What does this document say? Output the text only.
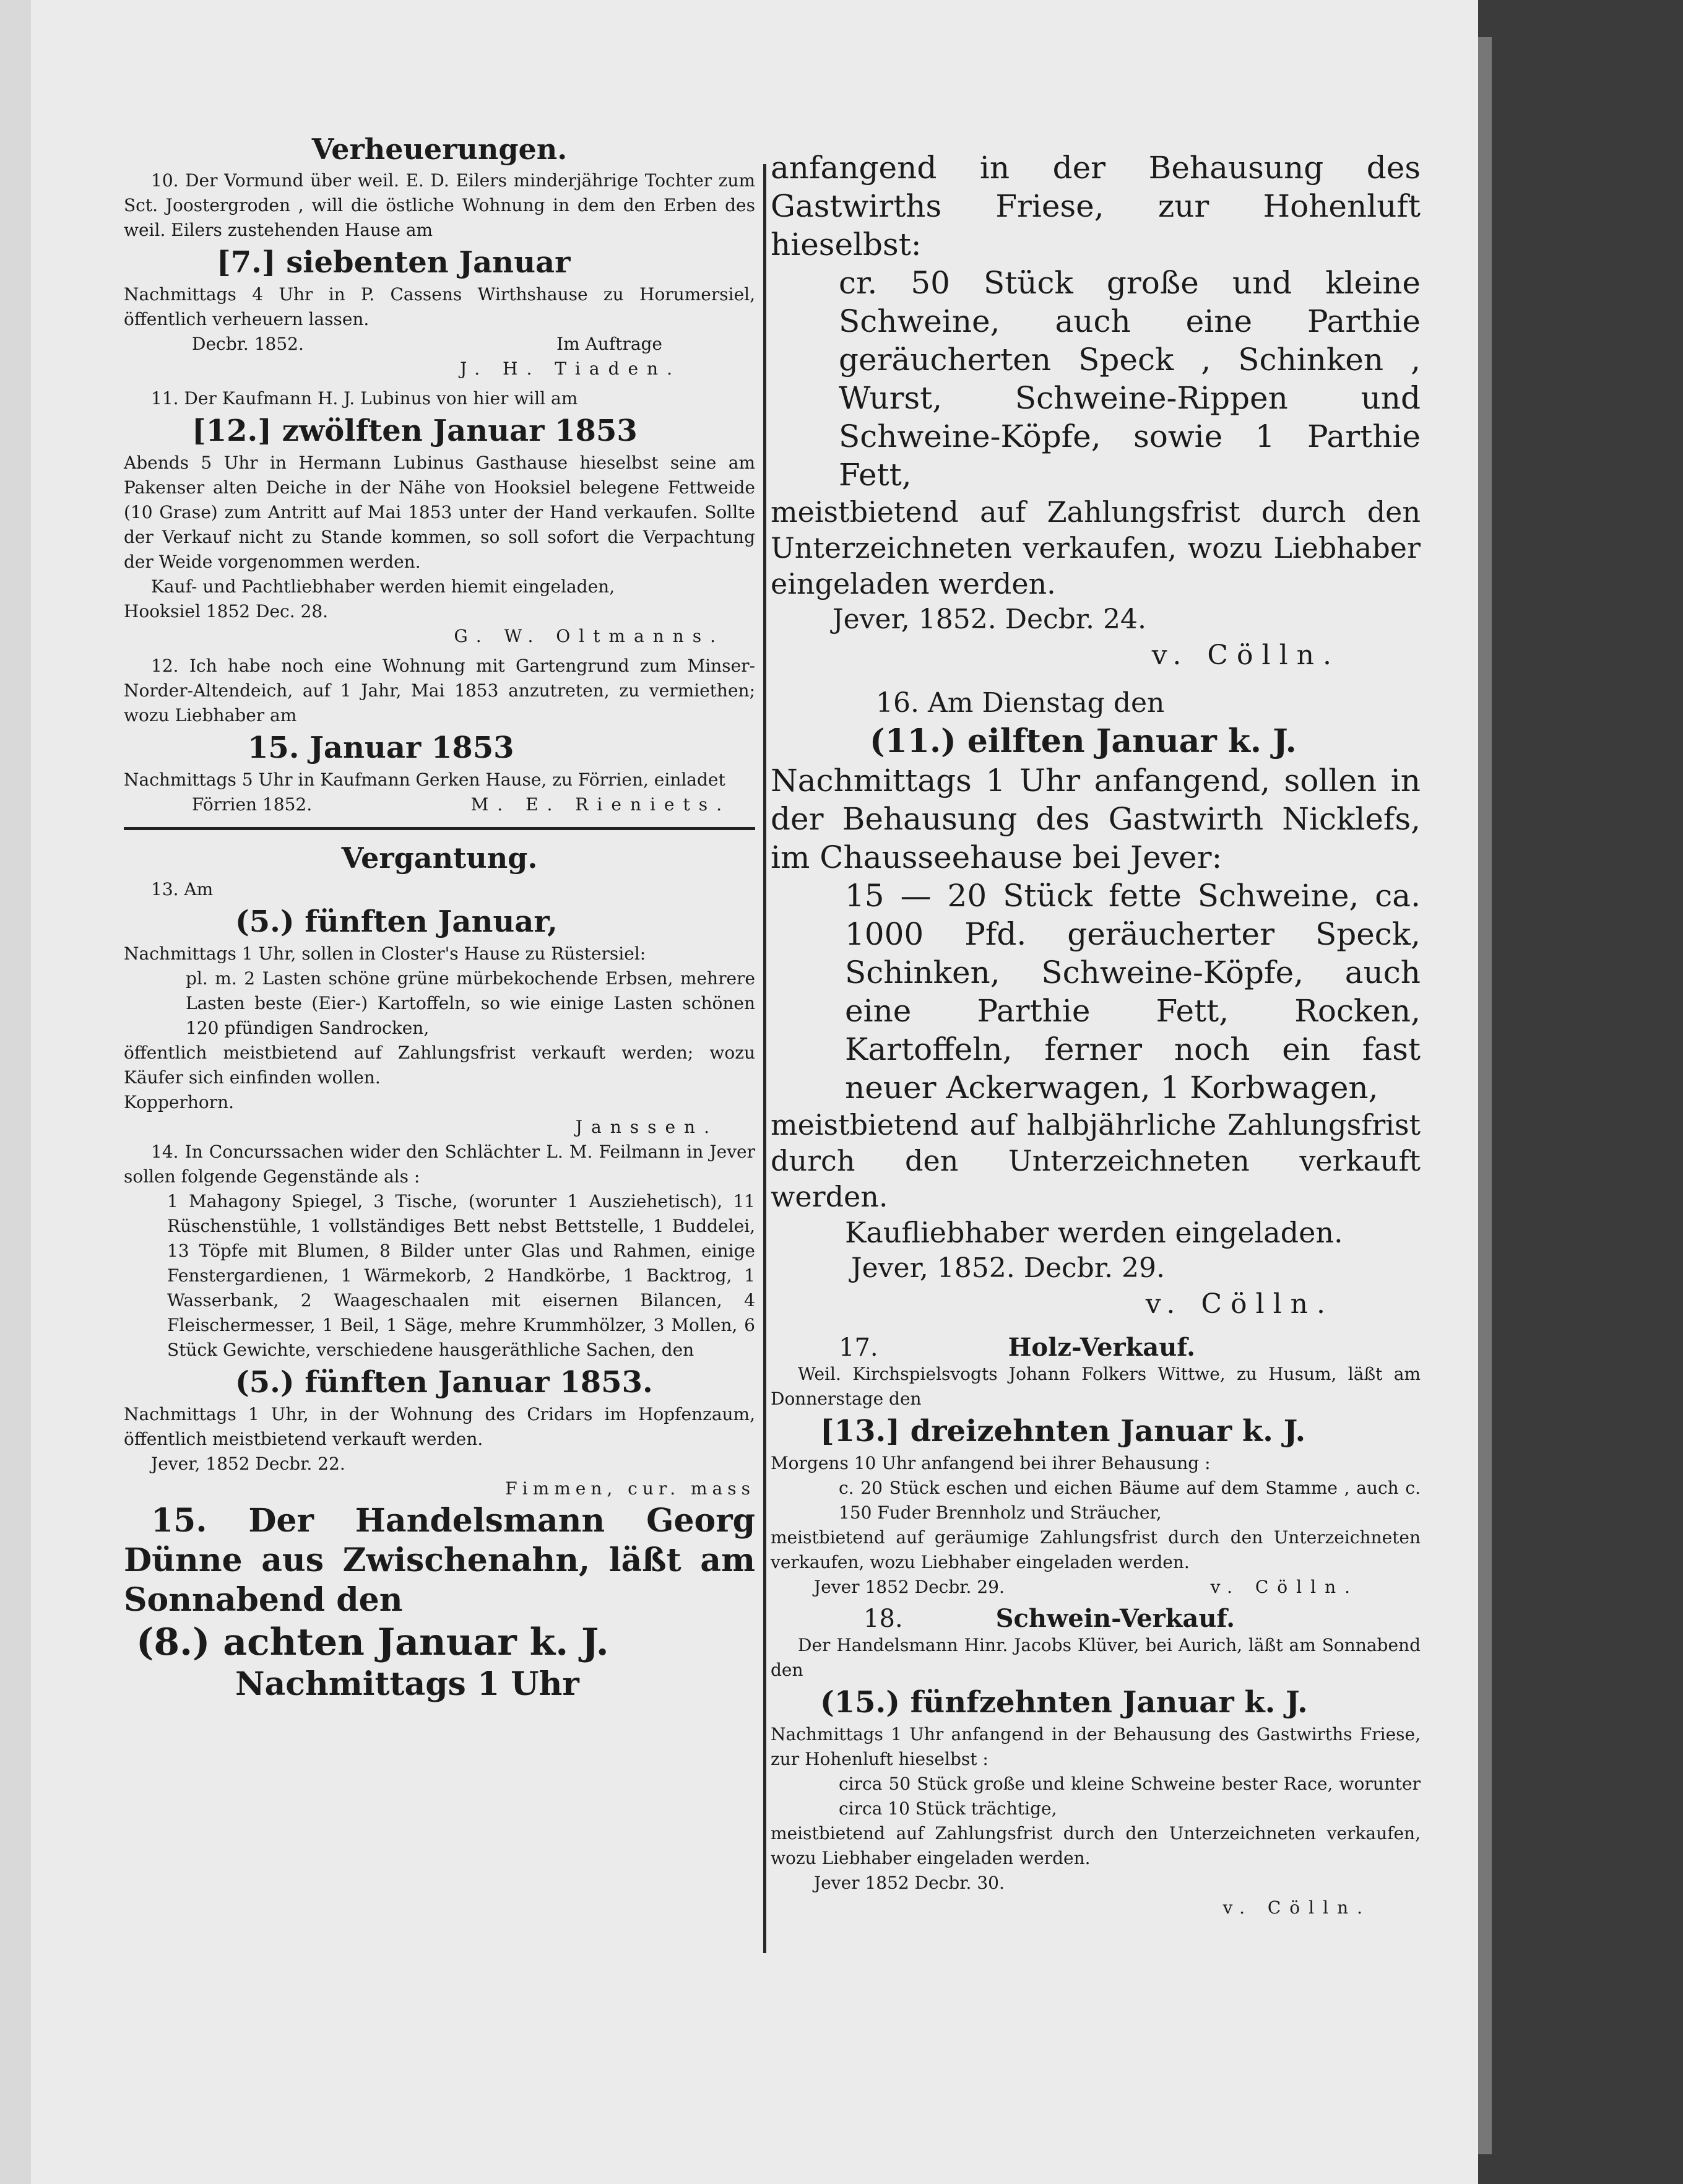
Verheuerungen.

10. Der Vormund über weil. E. D. Eilers minderjährige Tochter zum Sct. Joostergroden , will die östliche Wohnung in dem den Erben des weil. Eilers zustehenden Hause am

[7.] siebenten Januar

Nachmittags 4 Uhr in P. Cassens Wirthshause zu Horumersiel, öffentlich verheuern lassen.

Decbr. 1852.	Im Auftrage

J. H. Tiaden.

11. Der Kaufmann H. J. Lubinus von hier will am

[12.] zwölften Januar 1853

Abends 5 Uhr in Hermann Lubinus Gasthause hieselbst seine am Pakenser alten Deiche in der Nähe von Hooksiel belegene Fettweide (10 Grase) zum Antritt auf Mai 1853 unter der Hand verkaufen. Sollte der Verkauf nicht zu Stande kommen, so soll sofort die Verpachtung der Weide vorgenommen werden.

Kauf- und Pachtliebhaber werden hiemit eingeladen,

Hooksiel 1852 Dec. 28.

G. W. Oltmanns.

12. Ich habe noch eine Wohnung mit Gartengrund zum Minser- Norder-Altendeich, auf 1 Jahr, Mai 1853 anzutreten, zu vermiethen; wozu Liebhaber am

15. Januar 1853

Nachmittags 5 Uhr in Kaufmann Gerken Hause, zu Förrien, einladet

Förrien 1852.	M. E. Rieniets.
Vergantung.

13. Am

(5.) fünften Januar,

Nachmittags 1 Uhr, sollen in Closter's Hause zu Rüstersiel:

pl. m. 2 Lasten schöne grüne mürbekochende Erbsen, mehrere Lasten beste (Eier-) Kartoffeln, so wie einige Lasten schönen 120 pfündigen Sandrocken,

öffentlich meistbietend auf Zahlungsfrist verkauft werden; wozu Käufer sich einfinden wollen.

Kopperhorn.

Janssen.

14. In Concurssachen wider den Schlächter L. M. Feilmann in Jever sollen folgende Gegenstände als :

1 Mahagony Spiegel, 3 Tische, (worunter 1 Ausziehetisch), 11 Rüschenstühle, 1 vollständiges Bett nebst Bettstelle, 1 Buddelei, 13 Töpfe mit Blumen, 8 Bilder unter Glas und Rahmen, einige Fenstergardienen, 1 Wärmekorb, 2 Handkörbe, 1 Backtrog, 1 Wasserbank, 2 Waageschaalen mit eisernen Bilancen, 4 Fleischermesser, 1 Beil, 1 Säge, mehre Krummhölzer, 3 Mollen, 6 Stück Gewichte, verschiedene hausgeräthliche Sachen, den

(5.) fünften Januar 1853.

Nachmittags 1 Uhr, in der Wohnung des Cridars im Hopfenzaum, öffentlich meistbietend verkauft werden.

Jever, 1852 Decbr. 22.

Fimmen, cur. mass

15. Der Handelsmann Georg Dünne aus Zwischenahn, läßt am Sonnabend den

(8.) achten Januar k. J.
Nachmittags 1 Uhr

anfangend in der Behausung des Gastwirths Friese, zur Hohenluft hieselbst:

cr. 50 Stück große und kleine Schweine, auch eine Parthie geräucherten Speck , Schinken , Wurst, Schweine-Rippen und Schweine-Köpfe, sowie 1 Parthie Fett,

meistbietend auf Zahlungsfrist durch den Unterzeichneten verkaufen, wozu Liebhaber eingeladen werden.

Jever, 1852. Decbr. 24.

v. Cölln.

16. Am Dienstag den

(11.) eilften Januar k. J.

Nachmittags 1 Uhr anfangend, sollen in der Behausung des Gastwirth Nicklefs, im Chausseehause bei Jever:

15 — 20 Stück fette Schweine, ca. 1000 Pfd. geräucherter Speck, Schinken, Schweine-Köpfe, auch eine Parthie Fett, Rocken, Kartoffeln, ferner noch ein fast neuer Ackerwagen, 1 Korbwagen,

meistbietend auf halbjährliche Zahlungsfrist durch den Unterzeichneten verkauft werden.

Kaufliebhaber werden eingeladen.

Jever, 1852. Decbr. 29.

v. Cölln.

17.	Holz-Verkauf.

Weil. Kirchspielsvogts Johann Folkers Wittwe, zu Husum, läßt am Donnerstage den

[13.] dreizehnten Januar k. J.

Morgens 10 Uhr anfangend bei ihrer Behausung :

c. 20 Stück eschen und eichen Bäume auf dem Stamme , auch c. 150 Fuder Brennholz und Sträucher,

meistbietend auf geräumige Zahlungsfrist durch den Unterzeichneten verkaufen, wozu Liebhaber eingeladen werden.

Jever 1852 Decbr. 29.	v. Cölln.
18.	Schwein-Verkauf.

Der Handelsmann Hinr. Jacobs Klüver, bei Aurich, läßt am Sonnabend den

(15.) fünfzehnten Januar k. J.

Nachmittags 1 Uhr anfangend in der Behausung des Gastwirths Friese, zur Hohenluft hieselbst :

circa 50 Stück große und kleine Schweine bester Race, worunter circa 10 Stück trächtige,

meistbietend auf Zahlungsfrist durch den Unterzeichneten verkaufen, wozu Liebhaber eingeladen werden.

Jever 1852 Decbr. 30.

v. Cölln.
